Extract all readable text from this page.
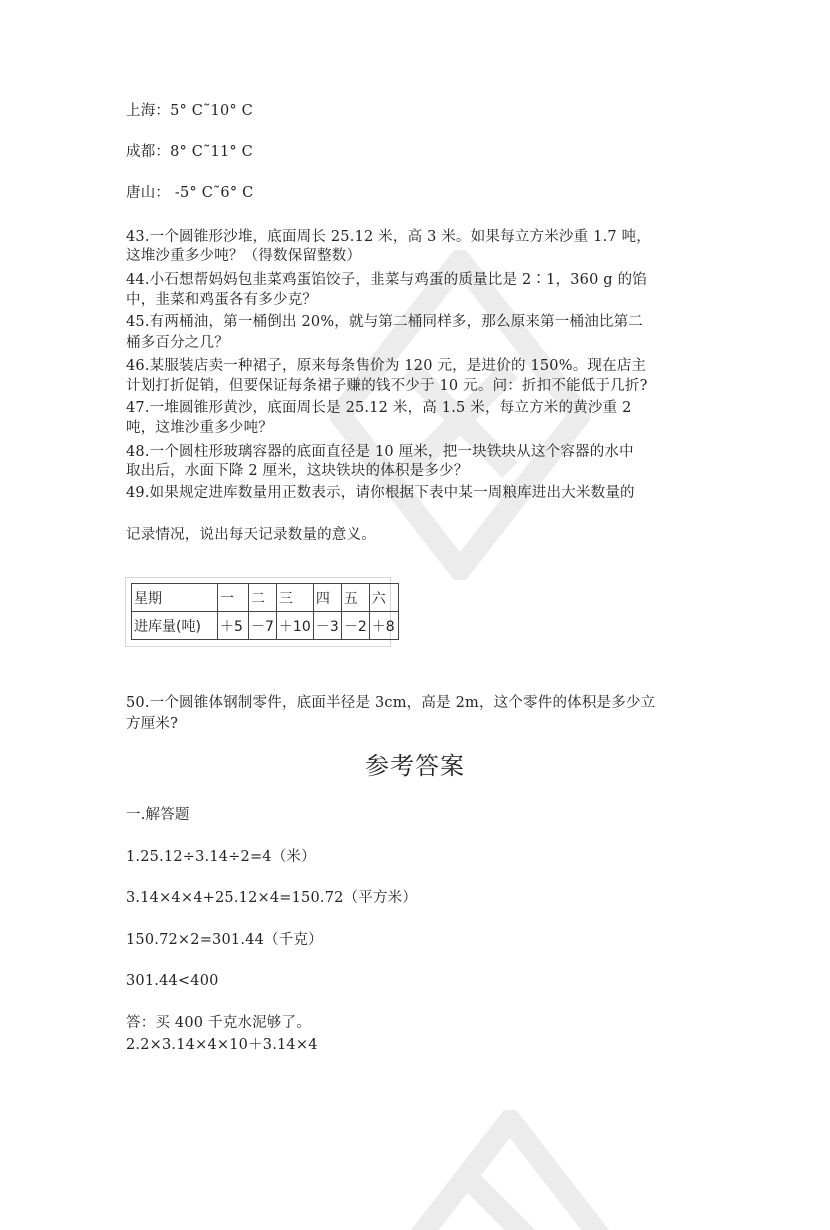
上海：5° C˜10° C
成都：8° C˜11° C
唐山： -5° C˜6° C
43.一个圆锥形沙堆，底面周长 25.12 米，高 3 米。如果每立方米沙重 1.7 吨，
这堆沙重多少吨？（得数保留整数）
44.小石想帮妈妈包韭菜鸡蛋馅饺子，韭菜与鸡蛋的质量比是 2∶1，360 g 的馅
中，韭菜和鸡蛋各有多少克？
45.有两桶油，第一桶倒出 20%，就与第二桶同样多，那么原来第一桶油比第二
桶多百分之几？
46.某服装店卖一种裙子，原来每条售价为 120 元，是进价的 150%。现在店主
计划打折促销，但要保证每条裙子赚的钱不少于 10 元。问：折扣不能低于几折?
47.一堆圆锥形黄沙，底面周长是 25.12 米，高 1.5 米，每立方米的黄沙重 2
吨，这堆沙重多少吨？
48.一个圆柱形玻璃容器的底面直径是 10 厘米，把一块铁块从这个容器的水中
取出后，水面下降 2 厘米，这块铁块的体积是多少？
49.如果规定进库数量用正数表示，请你根据下表中某一周粮库进出大米数量的
记录情况，说出每天记录数量的意义。
星期	一	二	三	四	五	六
进库量(吨)	＋5	－7	＋10	－3	－2	＋8
50.一个圆锥体钢制零件，底面半径是 3cm，高是 2m，这个零件的体积是多少立
方厘米?
参考答案
一.解答题
1.25.12÷3.14÷2=4（米）
3.14×4×4+25.12×4=150.72（平方米）
150.72×2=301.44（千克）
301.44<400
答：买 400 千克水泥够了。
2.2×3.14×4×10＋3.14×4
